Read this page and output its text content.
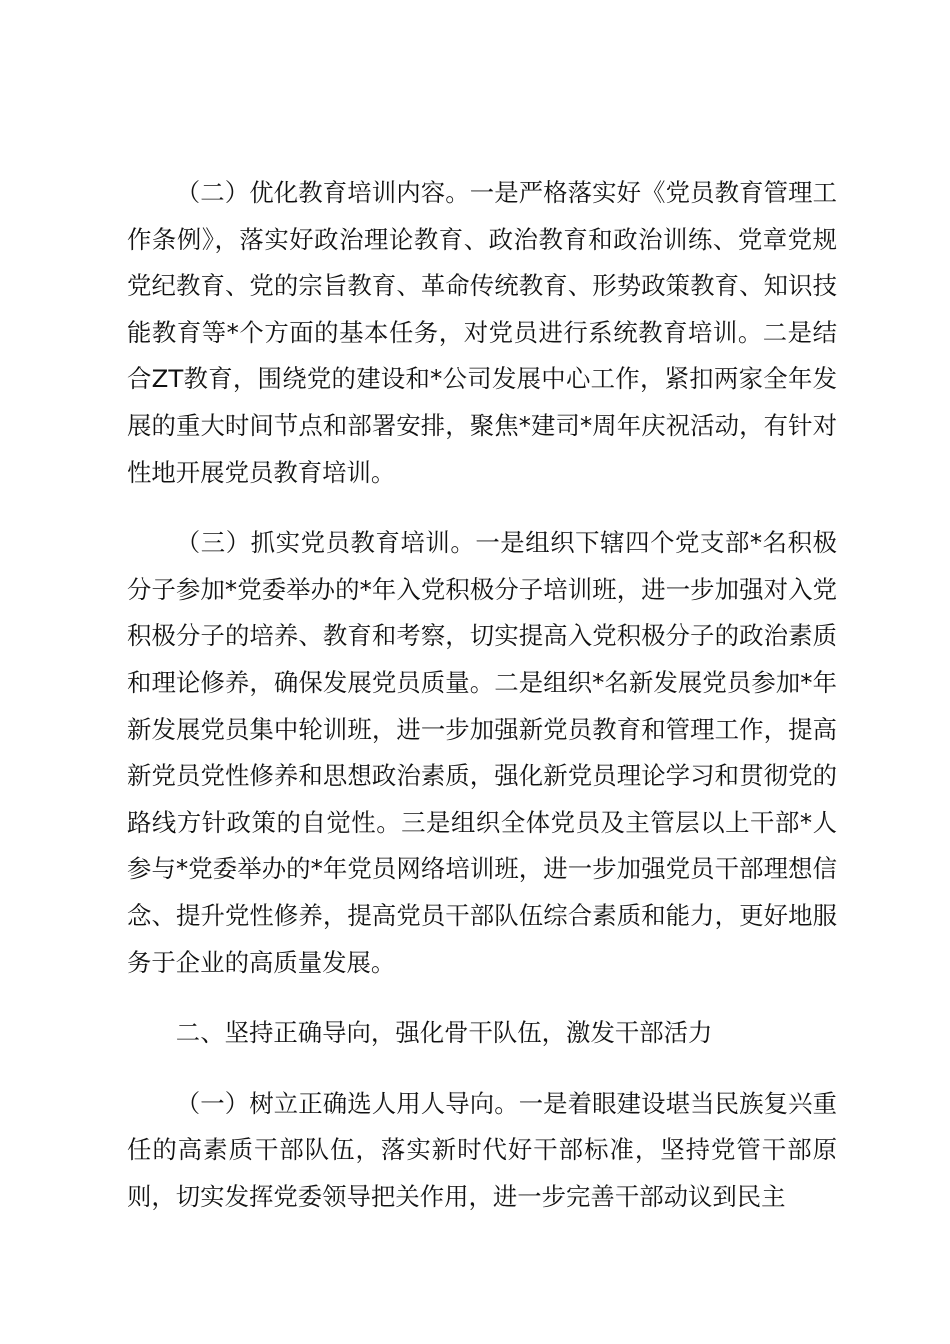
（二）优化教育培训内容。一是严格落实好《党员教育管理工作条例》，落实好政治理论教育、政治教育和政治训练、党章党规党纪教育、党的宗旨教育、革命传统教育、形势政策教育、知识技能教育等*个方面的基本任务，对党员进行系统教育培训。二是结合ZT教育，围绕党的建设和*公司发展中心工作，紧扣两家全年发展的重大时间节点和部署安排，聚焦*建司*周年庆祝活动，有针对性地开展党员教育培训。

（三）抓实党员教育培训。一是组织下辖四个党支部*名积极分子参加*党委举办的*年入党积极分子培训班，进一步加强对入党积极分子的培养、教育和考察，切实提高入党积极分子的政治素质和理论修养，确保发展党员质量。二是组织*名新发展党员参加*年新发展党员集中轮训班，进一步加强新党员教育和管理工作，提高新党员党性修养和思想政治素质，强化新党员理论学习和贯彻党的路线方针政策的自觉性。三是组织全体党员及主管层以上干部*人参与*党委举办的*年党员网络培训班，进一步加强党员干部理想信念、提升党性修养，提高党员干部队伍综合素质和能力，更好地服务于企业的高质量发展。

二、坚持正确导向，强化骨干队伍，激发干部活力

（一）树立正确选人用人导向。一是着眼建设堪当民族复兴重任的高素质干部队伍，落实新时代好干部标准，坚持党管干部原则，切实发挥党委领导把关作用，进一步完善干部动议到民主
